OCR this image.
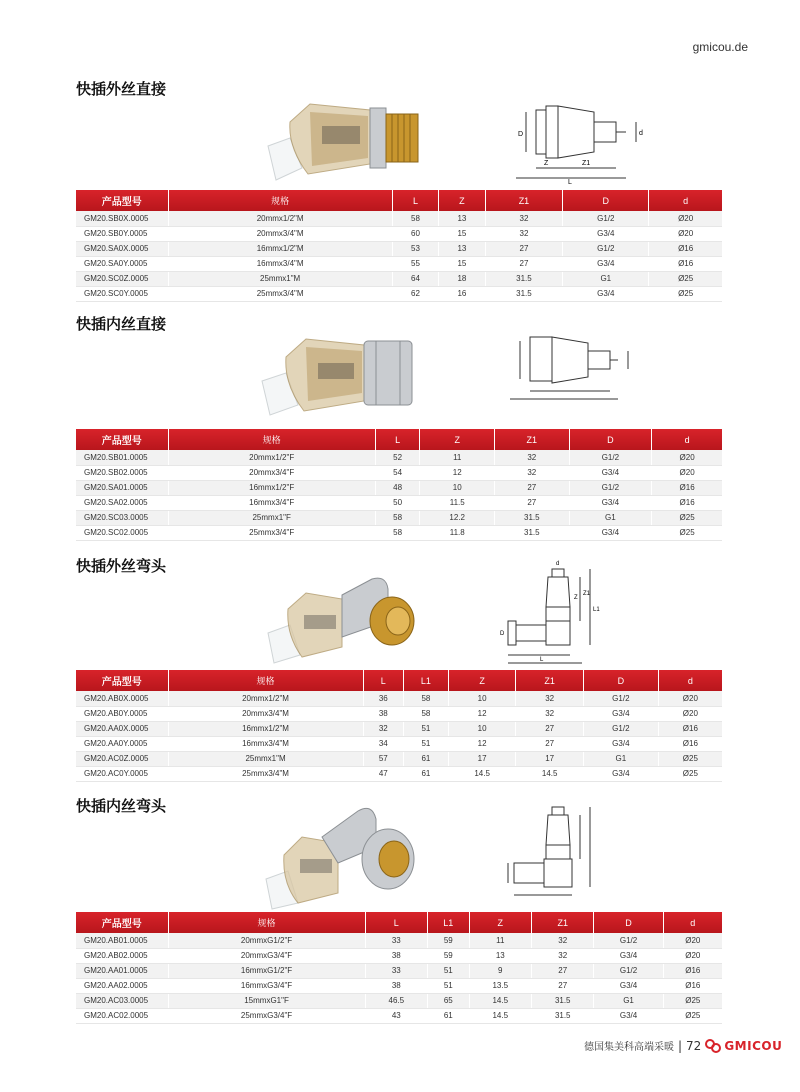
gmicou.de
快插外丝直接
D	d
Z	Z1
L
产品型号	规格	L	Z	Z1	D	d
GM20.SB0X.0005	20mmx1/2"M	58	13	32	G1/2	Ø20
GM20.SB0Y.0005	20mmx3/4"M	60	15	32	G3/4	Ø20
GM20.SA0X.0005	16mmx1/2"M	53	13	27	G1/2	Ø16
GM20.SA0Y.0005	16mmx3/4"M	55	15	27	G3/4	Ø16
GM20.SC0Z.0005	25mmx1"M	64	18	31.5	G1	Ø25
GM20.SC0Y.0005	25mmx3/4"M	62	16	31.5	G3/4	Ø25
快插内丝直接
产品型号	规格	L	Z	Z1	D	d
GM20.SB01.0005	20mmx1/2"F	52	11	32	G1/2	Ø20
GM20.SB02.0005	20mmx3/4"F	54	12	32	G3/4	Ø20
GM20.SA01.0005	16mmx1/2"F	48	10	27	G1/2	Ø16
GM20.SA02.0005	16mmx3/4"F	50	11.5	27	G3/4	Ø16
GM20.SC03.0005	25mmx1"F	58	12.2	31.5	G1	Ø25
GM20.SC02.0005	25mmx3/4"F	58	11.8	31.5	G3/4	Ø25
快插外丝弯头	d
Z
Z1
L1
D
L
产品型号	规格	L	L1	Z	Z1	D	d
GM20.AB0X.0005	20mmx1/2"M	36	58	10	32	G1/2	Ø20
GM20.AB0Y.0005	20mmx3/4"M	38	58	12	32	G3/4	Ø20
GM20.AA0X.0005	16mmx1/2"M	32	51	10	27	G1/2	Ø16
GM20.AA0Y.0005	16mmx3/4"M	34	51	12	27	G3/4	Ø16
GM20.AC0Z.0005	25mmx1"M	57	61	17	17	G1	Ø25
GM20.AC0Y.0005	25mmx3/4"M	47	61	14.5	14.5	G3/4	Ø25
快插内丝弯头
产品型号	规格	L	L1	Z	Z1	D	d
GM20.AB01.0005	20mmxG1/2"F	33	59	11	32	G1/2	Ø20
GM20.AB02.0005	20mmxG3/4"F	38	59	13	32	G3/4	Ø20
GM20.AA01.0005	16mmxG1/2"F	33	51	9	27	G1/2	Ø16
GM20.AA02.0005	16mmxG3/4"F	38	51	13.5	27	G3/4	Ø16
GM20.AC03.0005	15mmxG1"F	46.5	65	14.5	31.5	G1	Ø25
GM20.AC02.0005	25mmxG3/4"F	43	61	14.5	31.5	G3/4	Ø25
德国集美科高端采暖 | 72 GMICOU
